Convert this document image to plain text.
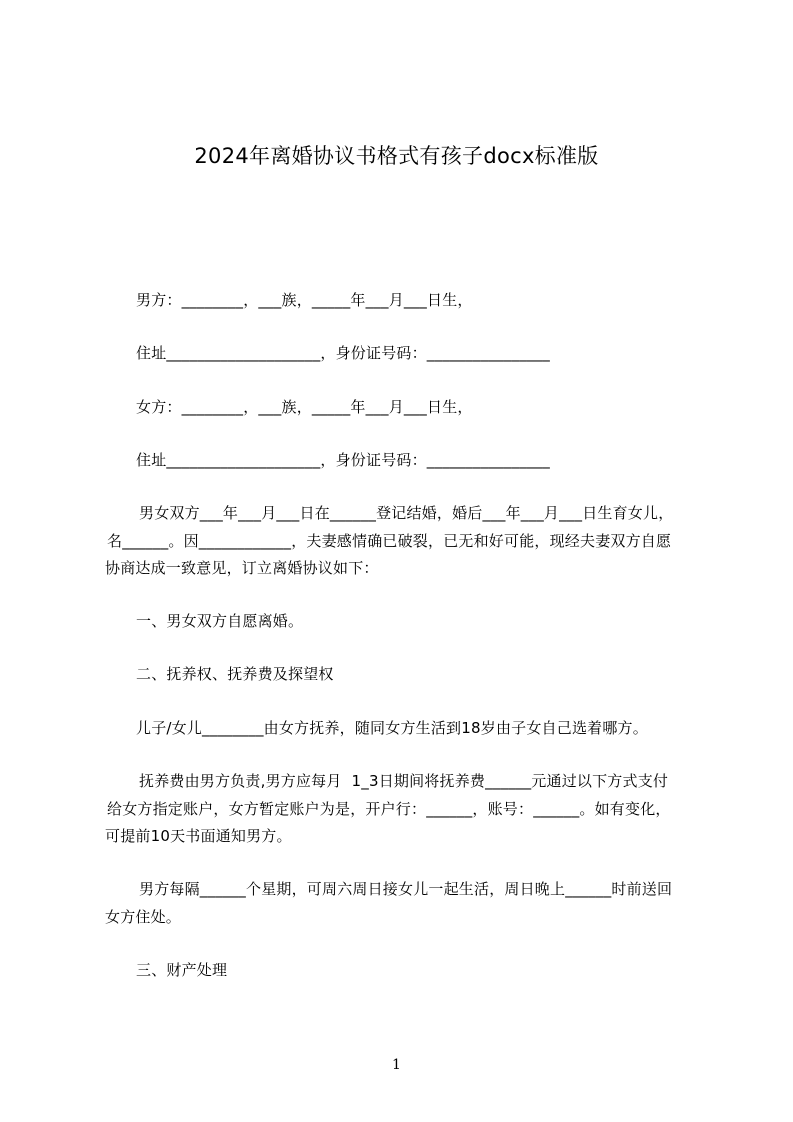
2024年离婚协议书格式有孩子docx标准版
男方：________，___族，_____年___月___日生，
住址____________________，身份证号码：________________
女方：________，___族，_____年___月___日生，
住址____________________，身份证号码：________________
男女双方___年___月___日在______登记结婚，婚后___年___月___日生育女儿，
名______。因____________，夫妻感情确已破裂，已无和好可能，现经夫妻双方自愿
协商达成一致意见，订立离婚协议如下：
一、男女双方自愿离婚。
二、抚养权、抚养费及探望权
儿子/女儿________由女方抚养，随同女方生活到18岁由子女自己选着哪方。
抚养费由男方负责,男方应每月  1_3日期间将抚养费______元通过以下方式支付
给女方指定账户，女方暂定账户为是，开户行：______，账号：______。如有变化，
可提前10天书面通知男方。
男方每隔______个星期，可周六周日接女儿一起生活，周日晚上______时前送回
女方住处。
三、财产处理
1
